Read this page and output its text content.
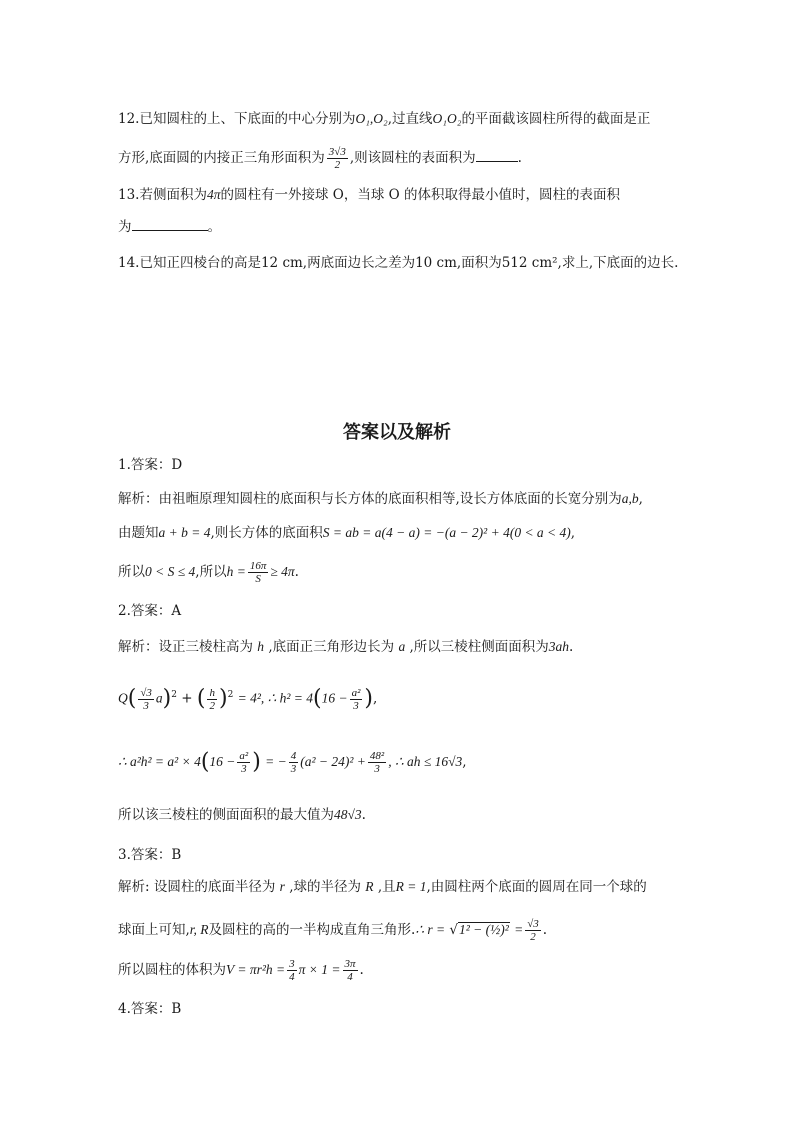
12.已知圆柱的上、下底面的中心分别为O₁,O₂,过直线O₁O₂的平面截该圆柱所得的截面是正
方形,底面圆的内接正三角形面积为 $\frac{3√3}{2}$ ,则该圆柱的表面积为	.
13.若侧面积为4π的圆柱有一外接球 O，当球 O 的体积取得最小值时，圆柱的表面积
为	。
14.已知正四棱台的高是12 cm,两底面边长之差为10 cm,面积为512 cm²,求上,下底面的边长.
答案以及解析
1.答案：D
解析：由祖暅原理知圆柱的底面积与长方体的底面积相等,设长方体底面的长宽分别为a,b,
由题知a + b = 4,则长方体的底面积S = ab = a(4 − a) = −(a − 2)² + 4(0 < a < 4),
所以0 < S ≤ 4,所以$h = \frac{16\pi}{S} \ge 4\pi$.
2.答案：A
解析：设正三棱柱高为 h ,底面正三角形边长为 a ,所以三棱柱侧面面积为3ah.
$Q( \frac{√3}{3} a)^2$ + ( $\frac{h}{2} )^2 = 4^2$, ∴ $h^2 = 4(16 - \frac{\text{a²}}{3}$ ),
∴ $a^2h^2 = a^2 \times 4(16 - \frac{\text{a²}}{3}$ ) = − $\frac{4}{3} (a^2 - 24)^2 + \frac{\text{48²}}{3}$ , ∴ ah ≤ 16√3,
所以该三棱柱的侧面面积的最大值为48√3.
3.答案：B
解析: 设圆柱的底面半径为 r ,球的半径为 R ,且R = 1,由圆柱两个底面的圆周在同一个球的
球面上可知,r, R及圆柱的高的一半构成直角三角形.∴ r = √1² − (½)² = $\frac{√3}{2}$ .
所以圆柱的体积为$V = \pi r^2h = \frac{3}{4}$ $\pi \times 1 = \frac{3\pi}{4}$ .
4.答案：B
